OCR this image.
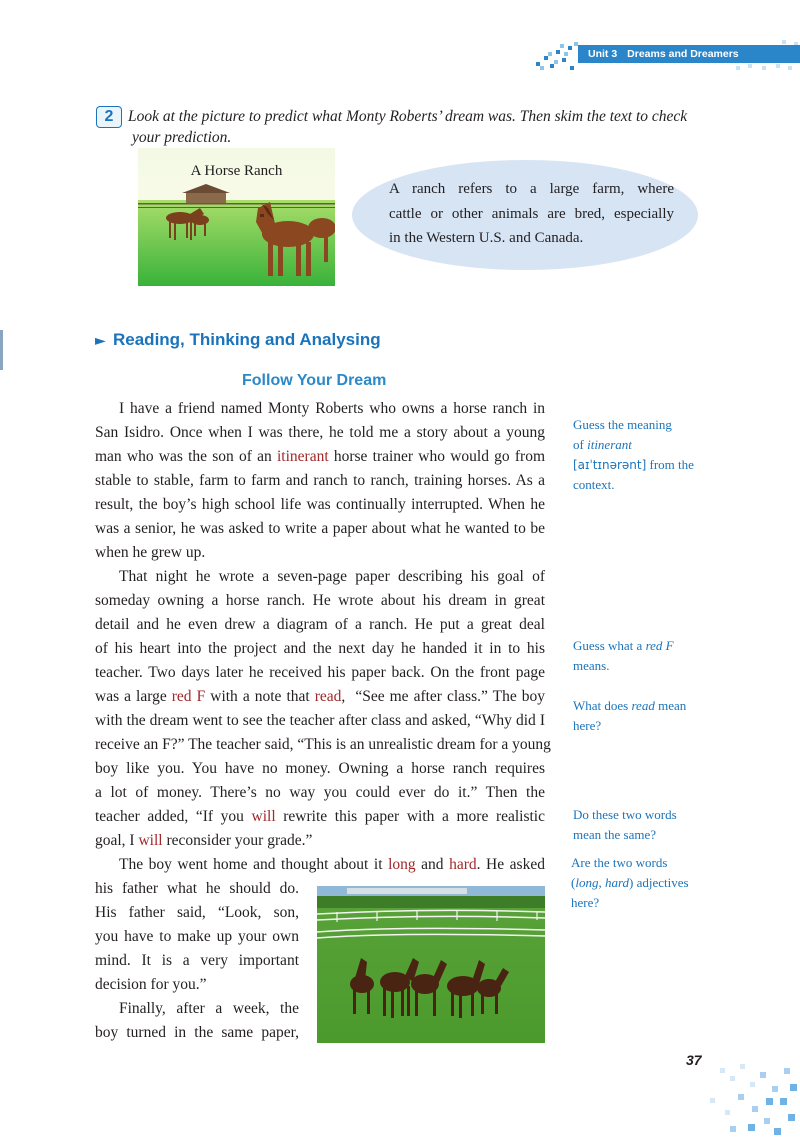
Unit 3 Dreams and Dreamers
2 Look at the picture to predict what Monty Roberts’ dream was. Then skim the text to check
your prediction.
A Horse Ranch
A ranch refers to a large farm, where
cattle or other animals are bred, especially
in the Western U.S. and Canada.
► Reading, Thinking and Analysing
Follow Your Dream
I have a friend named Monty Roberts who owns a horse ranch in
San Isidro. Once when I was there, he told me a story about a young
man who was the son of an itinerant horse trainer who would go from
stable to stable, farm to farm and ranch to ranch, training horses. As a
result, the boy’s high school life was continually interrupted. When he
was a senior, he was asked to write a paper about what he wanted to be
when he grew up.
That night he wrote a seven-page paper describing his goal of
someday owning a horse ranch. He wrote about his dream in great
detail and he even drew a diagram of a ranch. He put a great deal
of his heart into the project and the next day he handed it in to his
teacher. Two days later he received his paper back. On the front page
was a large red F with a note that read,  “See me after class.” The boy
with the dream went to see the teacher after class and asked, “Why did I
receive an F?” The teacher said, “This is an unrealistic dream for a young
boy like you. You have no money. Owning a horse ranch requires
a lot of money. There’s no way you could ever do it.” Then the
teacher added, “If you will rewrite this paper with a more realistic
goal, I will reconsider your grade.”
The boy went home and thought about it long and hard. He asked
his father what he should do.
His father said, “Look, son,
you have to make up your own
mind. It is a very important
decision for you.”
Finally, after a week, the
boy turned in the same paper,
Guess the meaning
of itinerant
[aɪˈtɪnərənt] from the
context.
Guess what a red F
means.
What does read mean
here?
Do these two words
mean the same?
Are the two words
(long, hard) adjectives
here?
37
